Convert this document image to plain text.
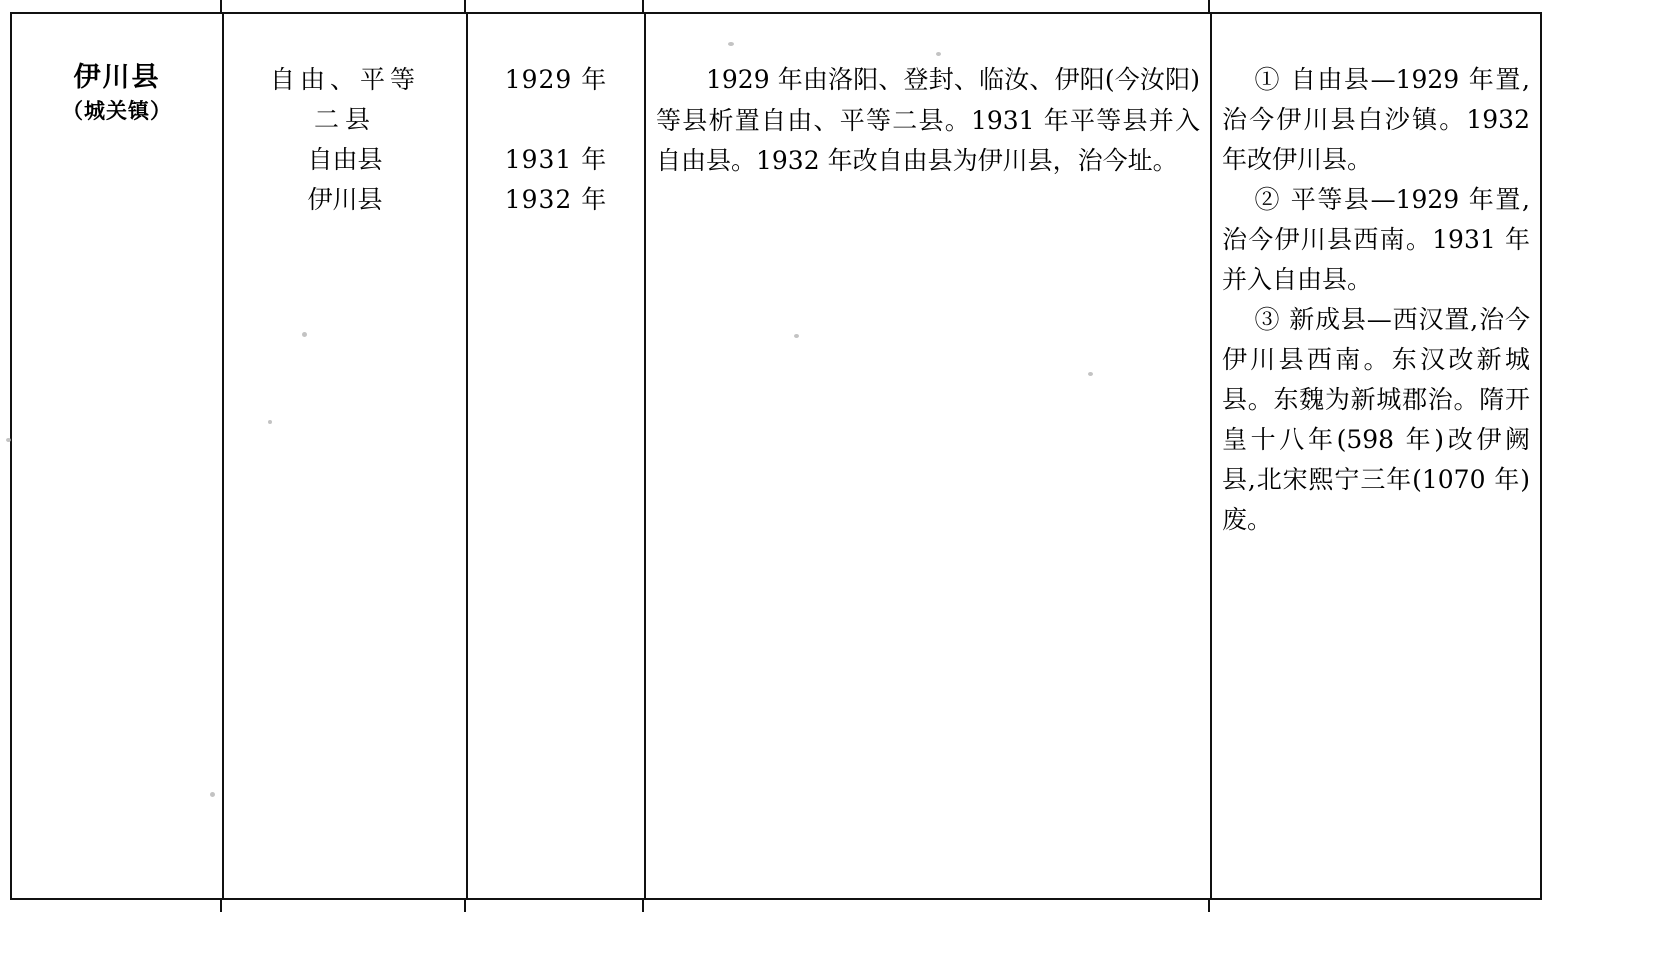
伊川县
（城关镇）
自由、平等
二县
自由县
伊川县
1929 年
1931 年
1932 年
1929 年由洛阳、登封、临汝、伊阳(今汝阳)等县析置自由、平等二县。1931 年平等县并入自由县。1932 年改自由县为伊川县，治今址。
① 自由县—1929 年置,治今伊川县白沙镇。1932 年改伊川县。
② 平等县—1929 年置,治今伊川县西南。1931 年并入自由县。
③ 新成县—西汉置,治今伊川县西南。东汉改新城县。东魏为新城郡治。隋开皇十八年(598 年)改伊阙县,北宋熙宁三年(1070 年)废。
